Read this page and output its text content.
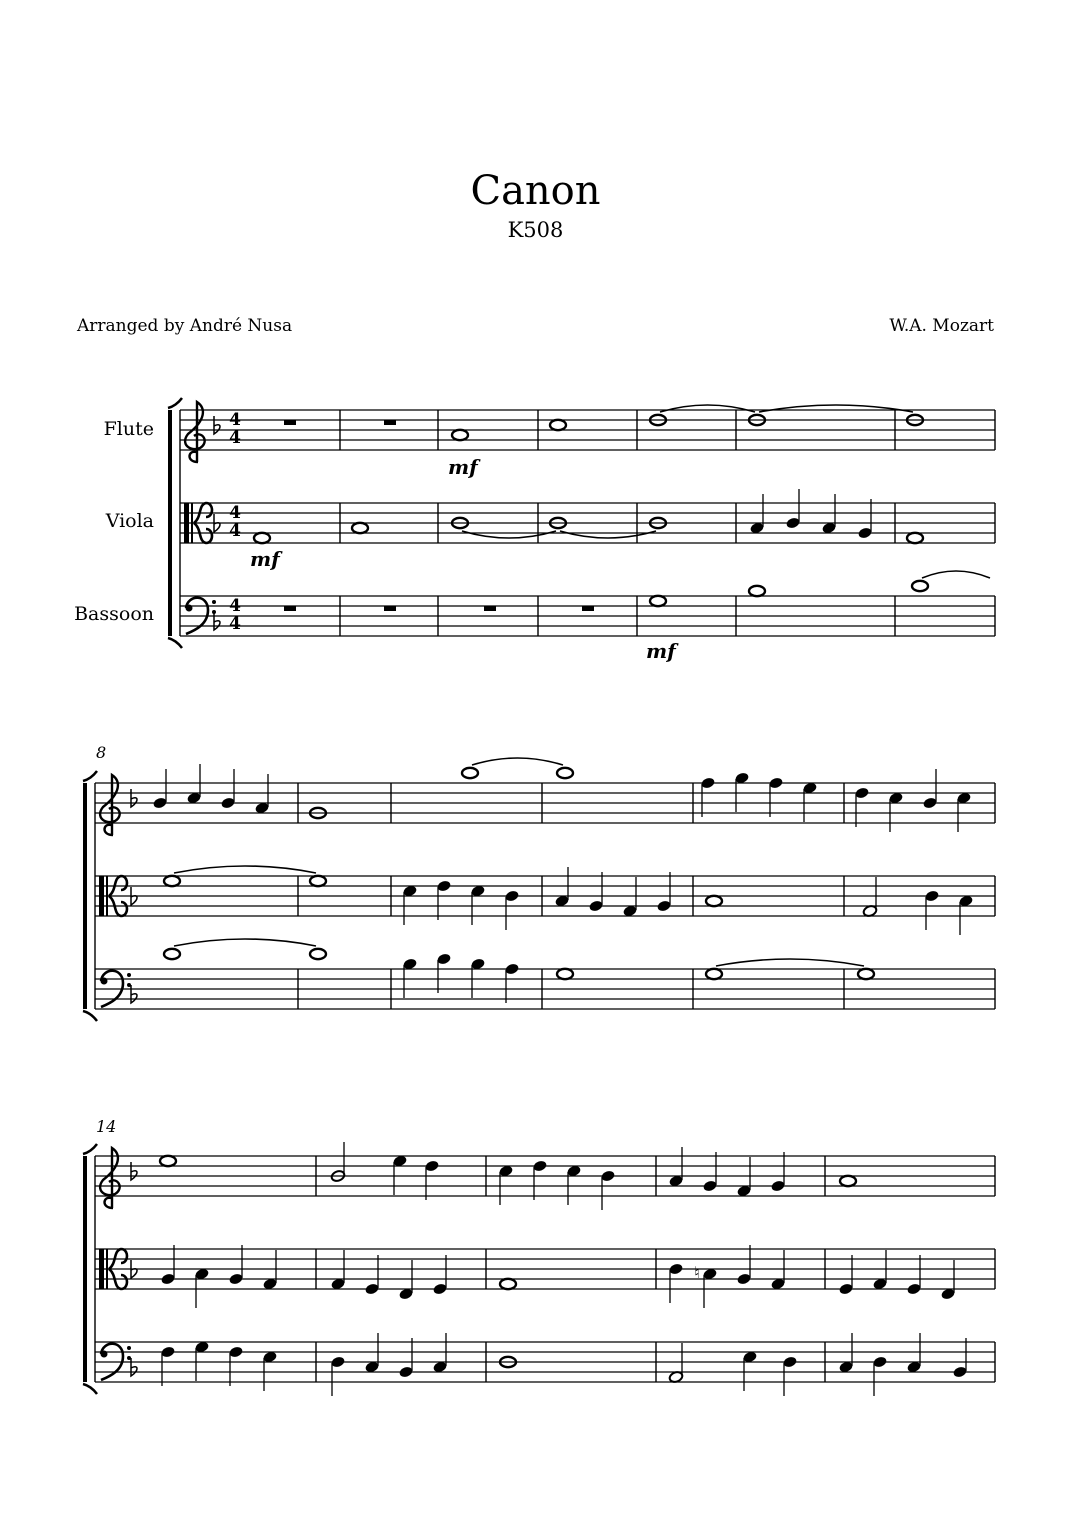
Canon
K508
Arranged by André Nusa	W.A. Mozart
♮
Flute
Viola
Bassoon
8
14
mf
mf
mf
4
4
4
4
4
4
